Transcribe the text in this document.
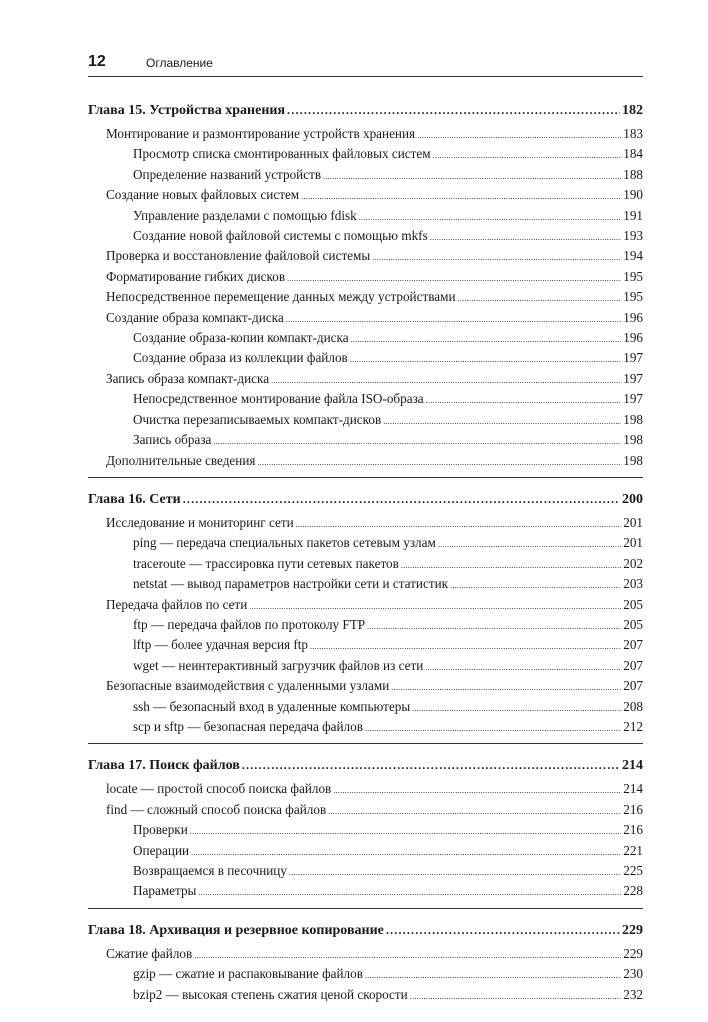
12	Оглавление
Глава 15. Устройства хранения .....	182
Монтирование и размонтирование устройств хранения .....	183
Просмотр списка смонтированных файловых систем .....	184
Определение названий устройств .....	188
Создание новых файловых систем .....	190
Управление разделами с помощью fdisk .....	191
Создание новой файловой системы с помощью mkfs .....	193
Проверка и восстановление файловой системы .....	194
Форматирование гибких дисков .....	195
Непосредственное перемещение данных между устройствами .....	195
Создание образа компакт-диска .....	196
Создание образа-копии компакт-диска .....	196
Создание образа из коллекции файлов .....	197
Запись образа компакт-диска .....	197
Непосредственное монтирование файла ISO-образа .....	197
Очистка перезаписываемых компакт-дисков .....	198
Запись образа .....	198
Дополнительные сведения .....	198
Глава 16. Сети .....	200
Исследование и мониторинг сети .....	201
ping — передача специальных пакетов сетевым узлам .....	201
traceroute — трассировка пути сетевых пакетов .....	202
netstat — вывод параметров настройки сети и статистик .....	203
Передача файлов по сети .....	205
ftp — передача файлов по протоколу FTP .....	205
lftp — более удачная версия ftp .....	207
wget — неинтерактивный загрузчик файлов из сети .....	207
Безопасные взаимодействия с удаленными узлами .....	207
ssh — безопасный вход в удаленные компьютеры .....	208
scp и sftp — безопасная передача файлов .....	212
Глава 17. Поиск файлов .....	214
locate — простой способ поиска файлов .....	214
find — сложный способ поиска файлов .....	216
Проверки .....	216
Операции .....	221
Возвращаемся в песочницу .....	225
Параметры .....	228
Глава 18. Архивация и резервное копирование .....	229
Сжатие файлов .....	229
gzip — сжатие и распаковывание файлов .....	230
bzip2 — высокая степень сжатия ценой скорости .....	232
